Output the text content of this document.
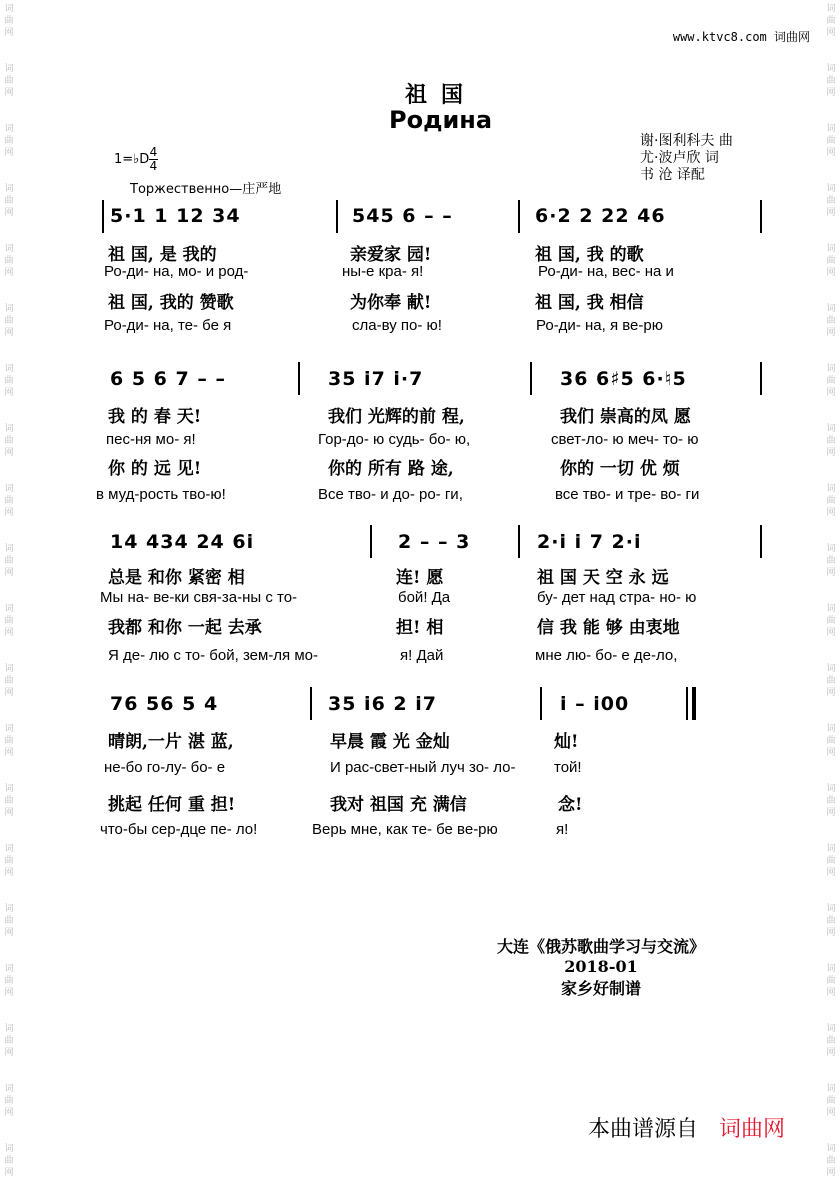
词
曲
网
词
曲
网
词
曲
网
词
曲
网
词
曲
网
词
曲
网
词
曲
网
词
曲
网
词
曲
网
词
曲
网
词
曲
网
词
曲
网
词
曲
网
词
曲
网
词
曲
网
词
曲
网
词
曲
网
词
曲
网
词
曲
网
词
曲
网
词
曲
网
词
曲
网
词
曲
网
词
曲
网
词
曲
网
词
曲
网
词
曲
网
词
曲
网
词
曲
网
词
曲
网
词
曲
网
词
曲
网
词
曲
网
词
曲
网
词
曲
网
词
曲
网
词
曲
网
词
曲
网
词
曲
网
词
曲
网
www.ktvc8.com 词曲网
祖国
Родина
谢·图利科夫 曲
尤·波卢欣 词
书 沧 译配
1=♭D 4
4
Торжественно—庄严地
5·1 1 12 34	545 6 – –	6·2 2 22 46
祖 国, 是 我的	亲爱家 园!	祖 国, 我 的歌
Ро-ди- на, мо- и род-	ны-е кра- я!	Ро-ди- на, вес- на и
祖 国, 我的 赞歌	为你奉 献!	祖 国, 我 相信
Ро-ди- на, те- бе я	сла-ву по- ю!	Ро-ди- на, я ве-рю
6 5 6 7 – –	35 i7 i·7	36 6♯5 6·♮5
我 的 春 天!	我们 光辉的前 程,	我们 崇高的凤 愿
пес-ня мо- я!	Гор-до- ю судь- бо- ю,	свет-ло- ю меч- то- ю
你 的 远 见!	你的 所有 路 途,	你的 一切 优 烦
в муд-рость тво-ю!	Все тво- и до- ро- ги,	все тво- и тре- во- ги
14 434 24 6i	2 – – 3	2·i i 7 2·i
总是 和你 紧密 相	连! 愿	祖 国 天 空 永 远
Мы на- ве-ки свя-за-ны с то-	бой! Да	бу- дет над стра- но- ю
我都 和你 一起 去承	担! 相	信 我 能 够 由衷地
Я де- лю с то- бой, зем-ля мо-	я! Дай	мне лю- бо- е де-ло,
76 56 5 4	35 i6 2 i7	i – i00
晴朗,一片 湛 蓝,	早晨 霞 光 金灿	灿!
не-бо го-лу- бо- е	И рас-свет-ный луч зо- ло-	той!
挑起 任何 重 担!	我对 祖国 充 满信	念!
что-бы сер-дце пе- ло!	Верь мне, как те- бе ве-рю	я!
大连《俄苏歌曲学习与交流》
2018-01
家乡好制谱
本曲谱源自 词曲网
